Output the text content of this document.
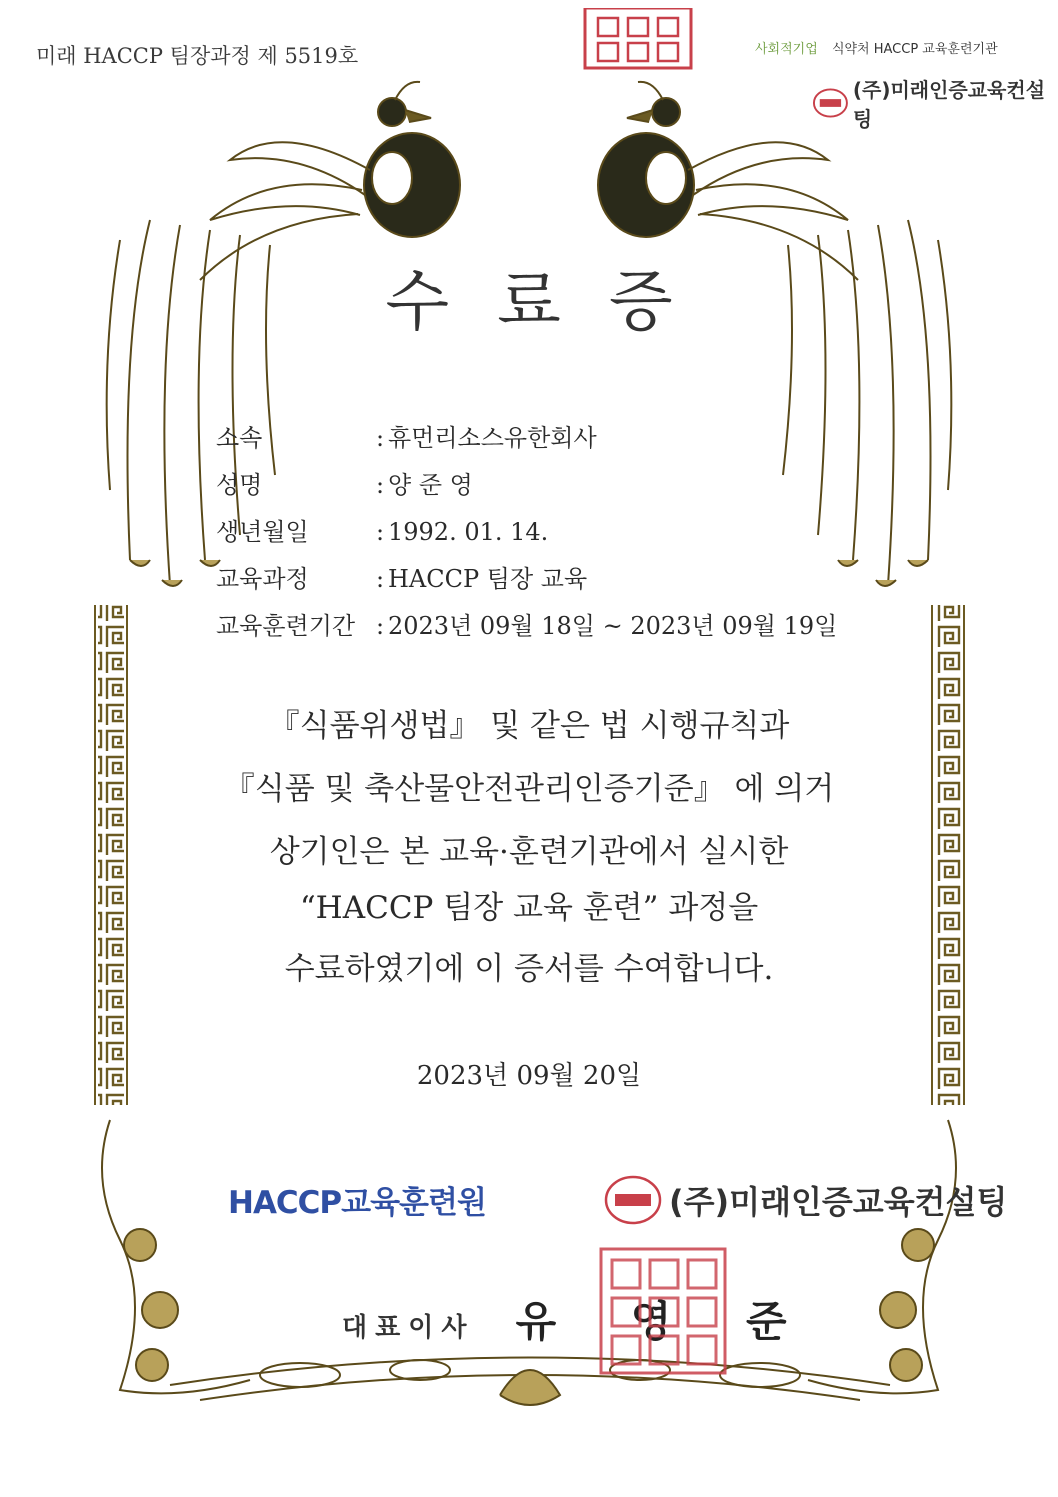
미래 HACCP 팀장과정 제 5519호	사회적기업 식약처 HACCP 교육훈련기관
(주)미래인증교육컨설팅
수료증
소속	: 휴먼리소스유한회사
성명	: 양 준 영
생년월일	: 1992. 01. 14.
교육과정	: HACCP 팀장 교육
교육훈련기간 : 2023년 09월 18일 ~ 2023년 09월 19일
『식품위생법』 및 같은 법 시행규칙과
『식품 및 축산물안전관리인증기준』 에 의거
상기인은 본 교육·훈련기관에서 실시한
“HACCP 팀장 교육 훈련” 과정을
수료하였기에 이 증서를 수여합니다.
2023년 09월 20일
HACCP교육훈련원	(주)미래인증교육컨설팅
대표이사 유 영 준
